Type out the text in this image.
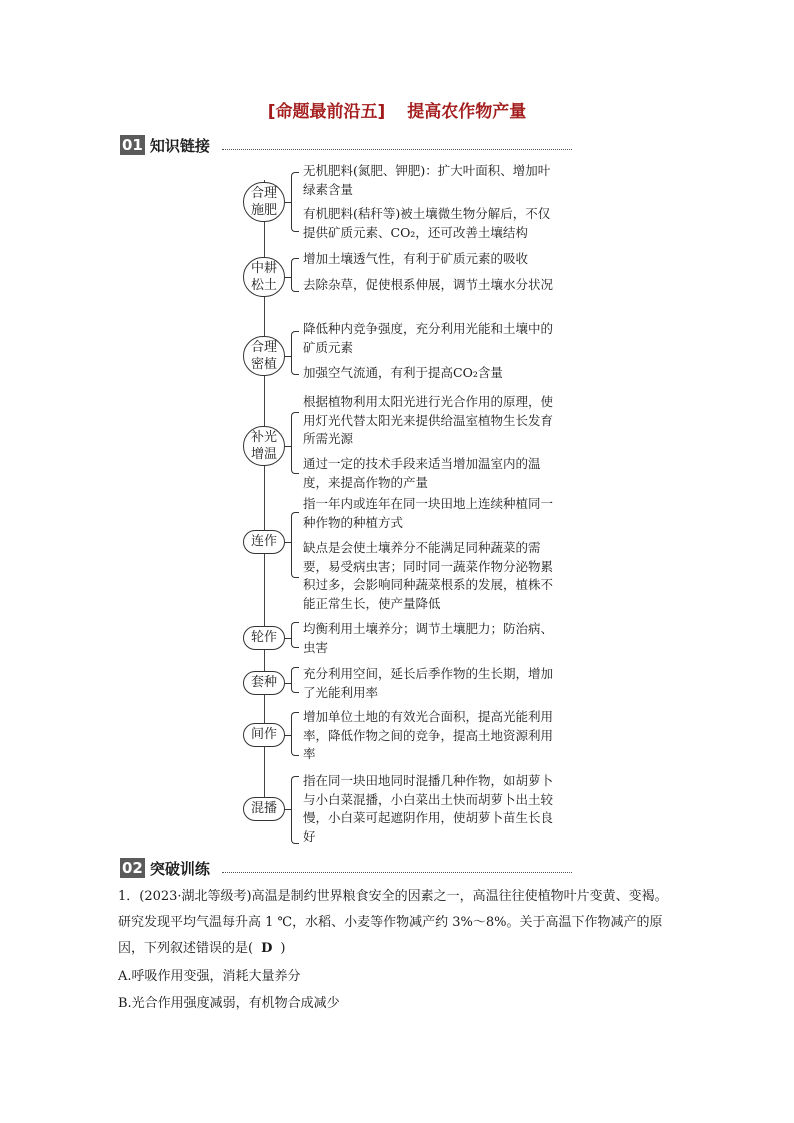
[命题最前沿五] 提高农作物产量
01 知识链接
合理
施肥
无机肥料(氮肥、钾肥)：扩大叶面积、增加叶绿素含量
有机肥料(秸秆等)被土壤微生物分解后，不仅提供矿质元素、CO₂，还可改善土壤结构
中耕
松土
增加土壤透气性，有利于矿质元素的吸收
去除杂草，促使根系伸展，调节土壤水分状况
合理
密植
降低种内竞争强度，充分利用光能和土壤中的矿质元素
加强空气流通，有利于提高CO₂含量
补光
增温
根据植物利用太阳光进行光合作用的原理，使用灯光代替太阳光来提供给温室植物生长发育所需光源
通过一定的技术手段来适当增加温室内的温度，来提高作物的产量
连作
指一年内或连年在同一块田地上连续种植同一种作物的种植方式
缺点是会使土壤养分不能满足同种蔬菜的需要，易受病虫害；同时同一蔬菜作物分泌物累积过多，会影响同种蔬菜根系的发展，植株不能正常生长，使产量降低
轮作
均衡利用土壤养分；调节土壤肥力；防治病、虫害
套种
充分利用空间，延长后季作物的生长期，增加了光能利用率
间作
增加单位土地的有效光合面积，提高光能利用率，降低作物之间的竞争，提高土地资源利用率
混播
指在同一块田地同时混播几种作物，如胡萝卜与小白菜混播，小白菜出土快而胡萝卜出土较慢，小白菜可起遮阴作用，使胡萝卜苗生长良好
02 突破训练
1．(2023·湖北等级考)高温是制约世界粮食安全的因素之一，高温往往使植物叶片变黄、变褐。研究发现平均气温每升高 1 ℃，水稻、小麦等作物减产约 3%～8%。关于高温下作物减产的原因，下列叙述错误的是( D )
A.呼吸作用变强，消耗大量养分
B.光合作用强度减弱，有机物合成减少
